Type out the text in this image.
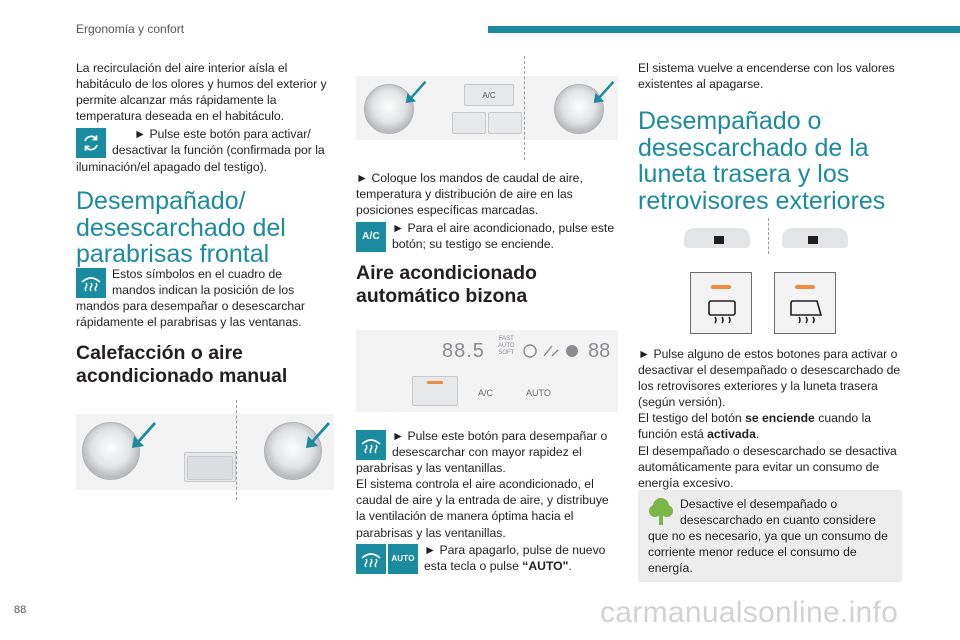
Ergonomía y confort
88	carmanualsonline.info
La recirculación del aire interior aísla el habitáculo de los olores y humos del exterior y permite alcanzar más rápidamente la temperatura deseada en el habitáculo.
► Pulse este botón para activar/ desactivar la función (confirmada por la iluminación/el apagado del testigo).
Desempañado/ desescarchado del parabrisas frontal
Estos símbolos en el cuadro de mandos indican la posición de los mandos para desempañar o desescarchar rápidamente el parabrisas y las ventanas.
Calefacción o aire acondicionado manual
A/C
► Coloque los mandos de caudal de aire, temperatura y distribución de aire en las posiciones específicas marcadas.
A/C
► Para el aire acondicionado, pulse este botón; su testigo se enciende.
Aire acondicionado automático bizona
88.5
FAST
AUTO
SOFT	88
A/C	AUTO
► Pulse este botón para desempañar o desescarchar con mayor rapidez el parabrisas y las ventanillas.
El sistema controla el aire acondicionado, el caudal de aire y la entrada de aire, y distribuye la ventilación de manera óptima hacia el parabrisas y las ventanillas.
AUTO
► Para apagarlo, pulse de nuevo esta tecla o pulse “AUTO".
El sistema vuelve a encenderse con los valores existentes al apagarse.
Desempañado o desescarchado de la luneta trasera y los retrovisores exteriores
► Pulse alguno de estos botones para activar o desactivar el desempañado o desescarchado de los retrovisores exteriores y la luneta trasera (según versión).
El testigo del botón se enciende cuando la función está activada.
El desempañado o desescarchado se desactiva automáticamente para evitar un consumo de energía excesivo.
Desactive el desempañado o desescarchado en cuanto considere que no es necesario, ya que un consumo de corriente menor reduce el consumo de energía.
